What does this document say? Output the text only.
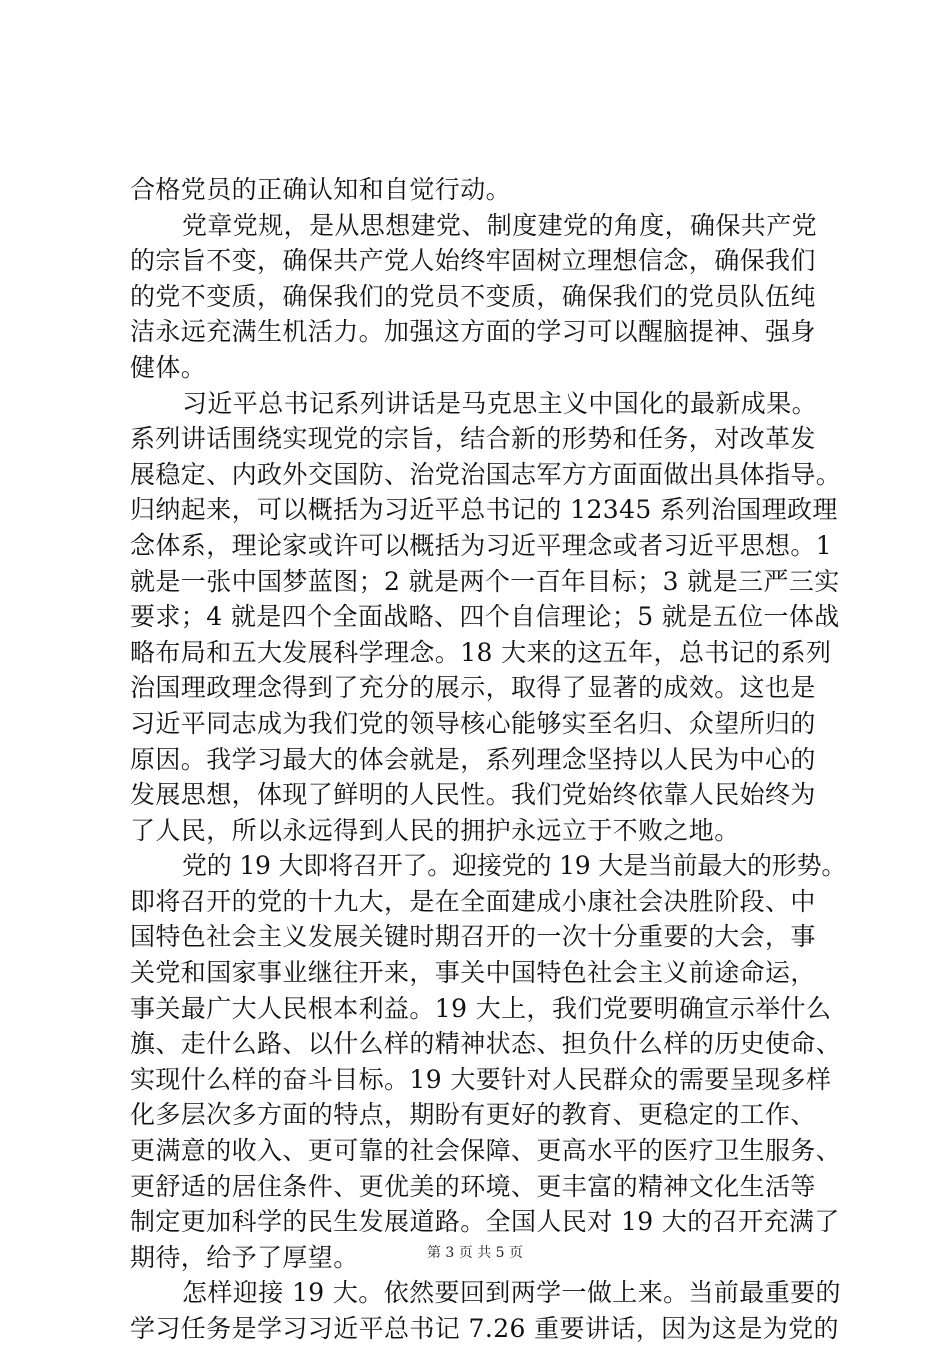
合格党员的正确认知和自觉行动。
党章党规，是从思想建党、制度建党的角度，确保共产党
的宗旨不变，确保共产党人始终牢固树立理想信念，确保我们
的党不变质，确保我们的党员不变质，确保我们的党员队伍纯
洁永远充满生机活力。加强这方面的学习可以醒脑提神、强身
健体。
习近平总书记系列讲话是马克思主义中国化的最新成果。
系列讲话围绕实现党的宗旨，结合新的形势和任务，对改革发
展稳定、内政外交国防、治党治国志军方方面面做出具体指导。
归纳起来，可以概括为习近平总书记的 12345 系列治国理政理
念体系，理论家或许可以概括为习近平理念或者习近平思想。1
就是一张中国梦蓝图；2 就是两个一百年目标；3 就是三严三实
要求；4 就是四个全面战略、四个自信理论；5 就是五位一体战
略布局和五大发展科学理念。18 大来的这五年，总书记的系列
治国理政理念得到了充分的展示，取得了显著的成效。这也是
习近平同志成为我们党的领导核心能够实至名归、众望所归的
原因。我学习最大的体会就是，系列理念坚持以人民为中心的
发展思想，体现了鲜明的人民性。我们党始终依靠人民始终为
了人民，所以永远得到人民的拥护永远立于不败之地。
党的 19 大即将召开了。迎接党的 19 大是当前最大的形势。
即将召开的党的十九大，是在全面建成小康社会决胜阶段、中
国特色社会主义发展关键时期召开的一次十分重要的大会，事
关党和国家事业继往开来，事关中国特色社会主义前途命运，
事关最广大人民根本利益。19 大上，我们党要明确宣示举什么
旗、走什么路、以什么样的精神状态、担负什么样的历史使命、
实现什么样的奋斗目标。19 大要针对人民群众的需要呈现多样
化多层次多方面的特点，期盼有更好的教育、更稳定的工作、
更满意的收入、更可靠的社会保障、更高水平的医疗卫生服务、
更舒适的居住条件、更优美的环境、更丰富的精神文化生活等
制定更加科学的民生发展道路。全国人民对 19 大的召开充满了
期待，给予了厚望。
怎样迎接 19 大。依然要回到两学一做上来。当前最重要的
学习任务是学习习近平总书记 7.26 重要讲话，因为这是为党的
第 3 页 共 5 页
